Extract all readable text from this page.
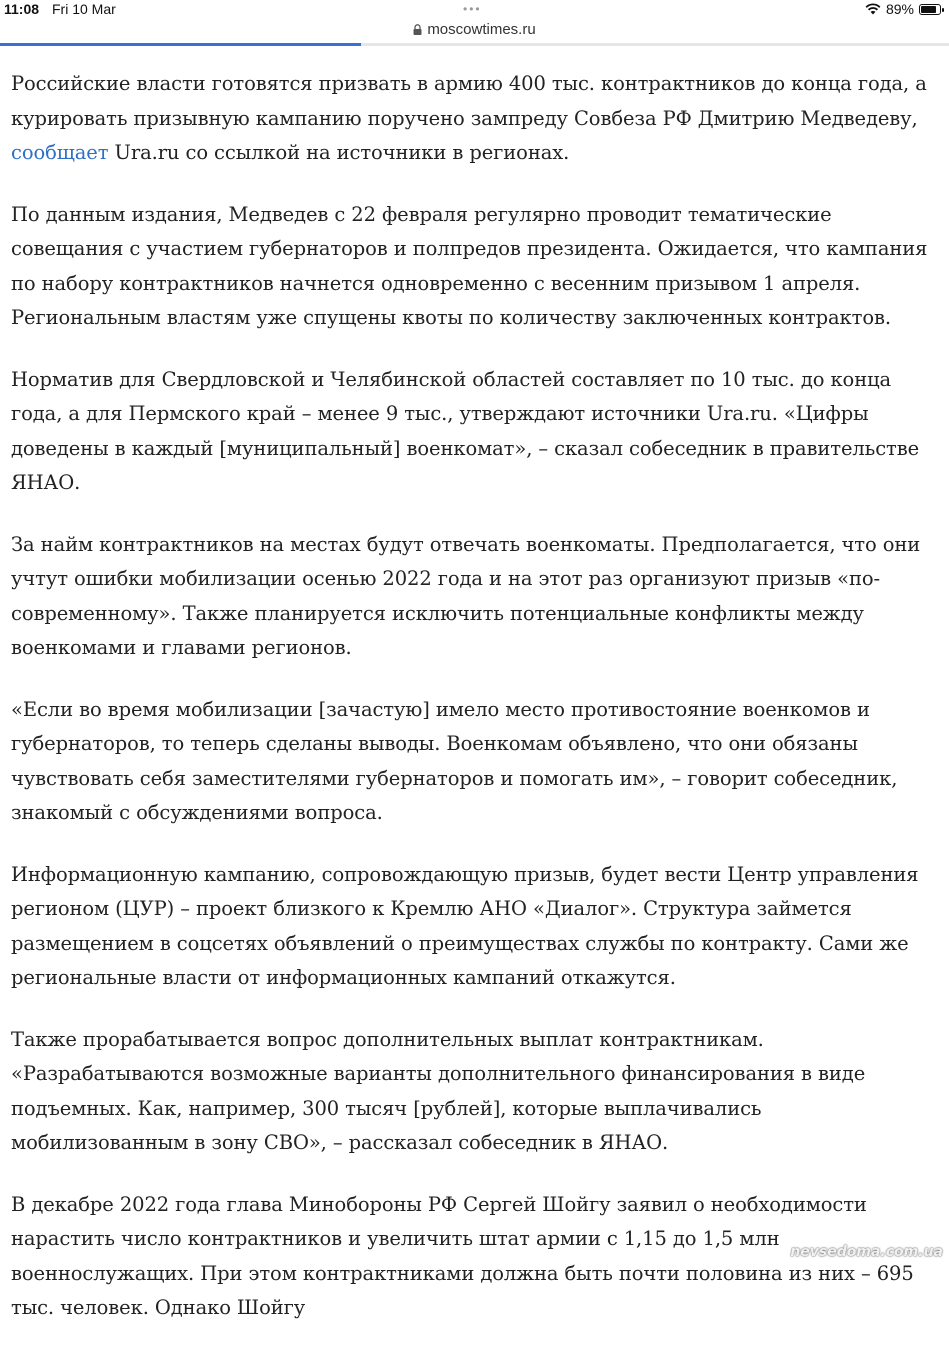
11:08 Fri 10 Mar	•••	89%
moscowtimes.ru

Российские власти готовятся призвать в армию 400 тыс. контрактников до конца года, а курировать призывную кампанию поручено зампреду Совбеза РФ Дмитрию Медведеву, сообщает Ura.ru со ссылкой на источники в регионах.

По данным издания, Медведев с 22 февраля регулярно проводит тематические совещания с участием губернаторов и полпредов президента. Ожидается, что кампания по набору контрактников начнется одновременно с весенним призывом 1 апреля. Региональным властям уже спущены квоты по количеству заключенных контрактов.

Норматив для Свердловской и Челябинской областей составляет по 10 тыс. до конца года, а для Пермского край – менее 9 тыс., утверждают источники Ura.ru. «Цифры доведены в каждый [муниципальный] военкомат», – сказал собеседник в правительстве ЯНАО.

За найм контрактников на местах будут отвечать военкоматы. Предполагается, что они учтут ошибки мобилизации осенью 2022 года и на этот раз организуют призыв «по-современному». Также планируется исключить потенциальные конфликты между военкомами и главами регионов.

«Если во время мобилизации [зачастую] имело место противостояние военкомов и губернаторов, то теперь сделаны выводы. Военкомам объявлено, что они обязаны чувствовать себя заместителями губернаторов и помогать им», – говорит собеседник, знакомый с обсуждениями вопроса.

Информационную кампанию, сопровождающую призыв, будет вести Центр управления регионом (ЦУР) – проект близкого к Кремлю АНО «Диалог». Структура займется размещением в соцсетях объявлений о преимуществах службы по контракту. Сами же региональные власти от информационных кампаний откажутся.

Также прорабатывается вопрос дополнительных выплат контрактникам. «Разрабатываются возможные варианты дополнительного финансирования в виде подъемных. Как, например, 300 тысяч [рублей], которые выплачивались мобилизованным в зону СВО», – рассказал собеседник в ЯНАО.

В декабре 2022 года глава Минобороны РФ Сергей Шойгу заявил о необходимости нарастить число контрактников и увеличить штат армии с 1,15 до 1,5 млн военнослужащих. При этом контрактниками должна быть почти половина из них – 695 тыс. человек. Однако Шойгу

nevsedoma.com.ua
